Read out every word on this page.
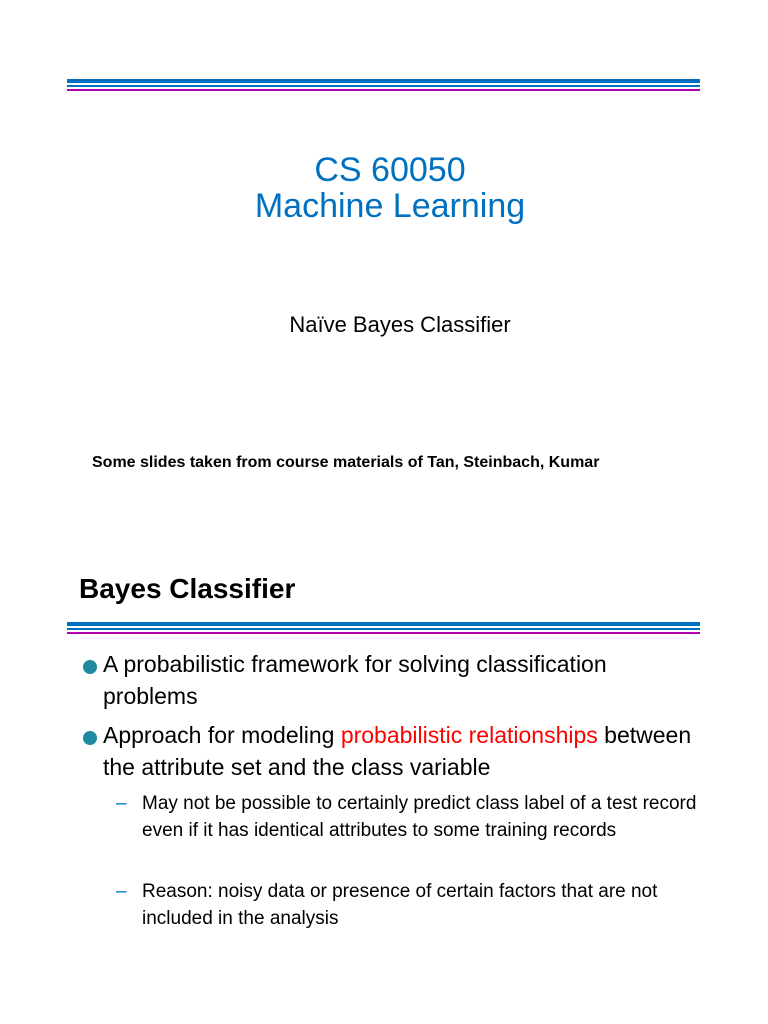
CS 60050
Machine Learning
Naïve Bayes Classifier
Some slides taken from course materials of Tan, Steinbach, Kumar
Bayes Classifier
A probabilistic framework for solving classification problems
Approach for modeling probabilistic relationships between the attribute set and the class variable
– May not be possible to certainly predict class label of a test record even if it has identical attributes to some training records
– Reason: noisy data or presence of certain factors that are not included in the analysis
